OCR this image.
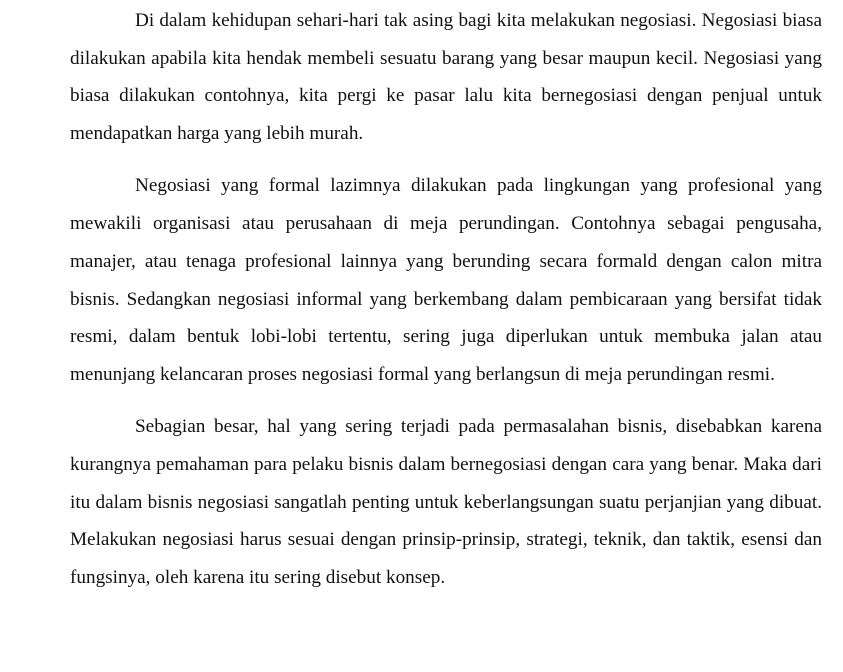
Di dalam kehidupan sehari-hari tak asing bagi kita melakukan negosiasi. Negosiasi biasa dilakukan apabila kita hendak membeli sesuatu barang yang besar maupun kecil. Negosiasi yang biasa dilakukan contohnya, kita pergi ke pasar lalu kita bernegosiasi dengan penjual untuk mendapatkan harga yang lebih murah.

Negosiasi yang formal lazimnya dilakukan pada lingkungan yang profesional yang mewakili organisasi atau perusahaan di meja perundingan. Contohnya sebagai pengusaha, manajer, atau tenaga profesional lainnya yang berunding secara formald dengan calon mitra bisnis. Sedangkan negosiasi informal yang berkembang dalam pembicaraan yang bersifat tidak resmi, dalam bentuk lobi-lobi tertentu, sering juga diperlukan untuk membuka jalan atau menunjang kelancaran proses negosiasi formal yang berlangsun di meja perundingan resmi.

Sebagian besar, hal yang sering terjadi pada permasalahan bisnis, disebabkan karena kurangnya pemahaman para pelaku bisnis dalam bernegosiasi dengan cara yang benar. Maka dari itu dalam bisnis negosiasi sangatlah penting untuk keberlangsungan suatu perjanjian yang dibuat. Melakukan negosiasi harus sesuai dengan prinsip-prinsip, strategi, teknik, dan taktik, esensi dan fungsinya, oleh karena itu sering disebut konsep.
